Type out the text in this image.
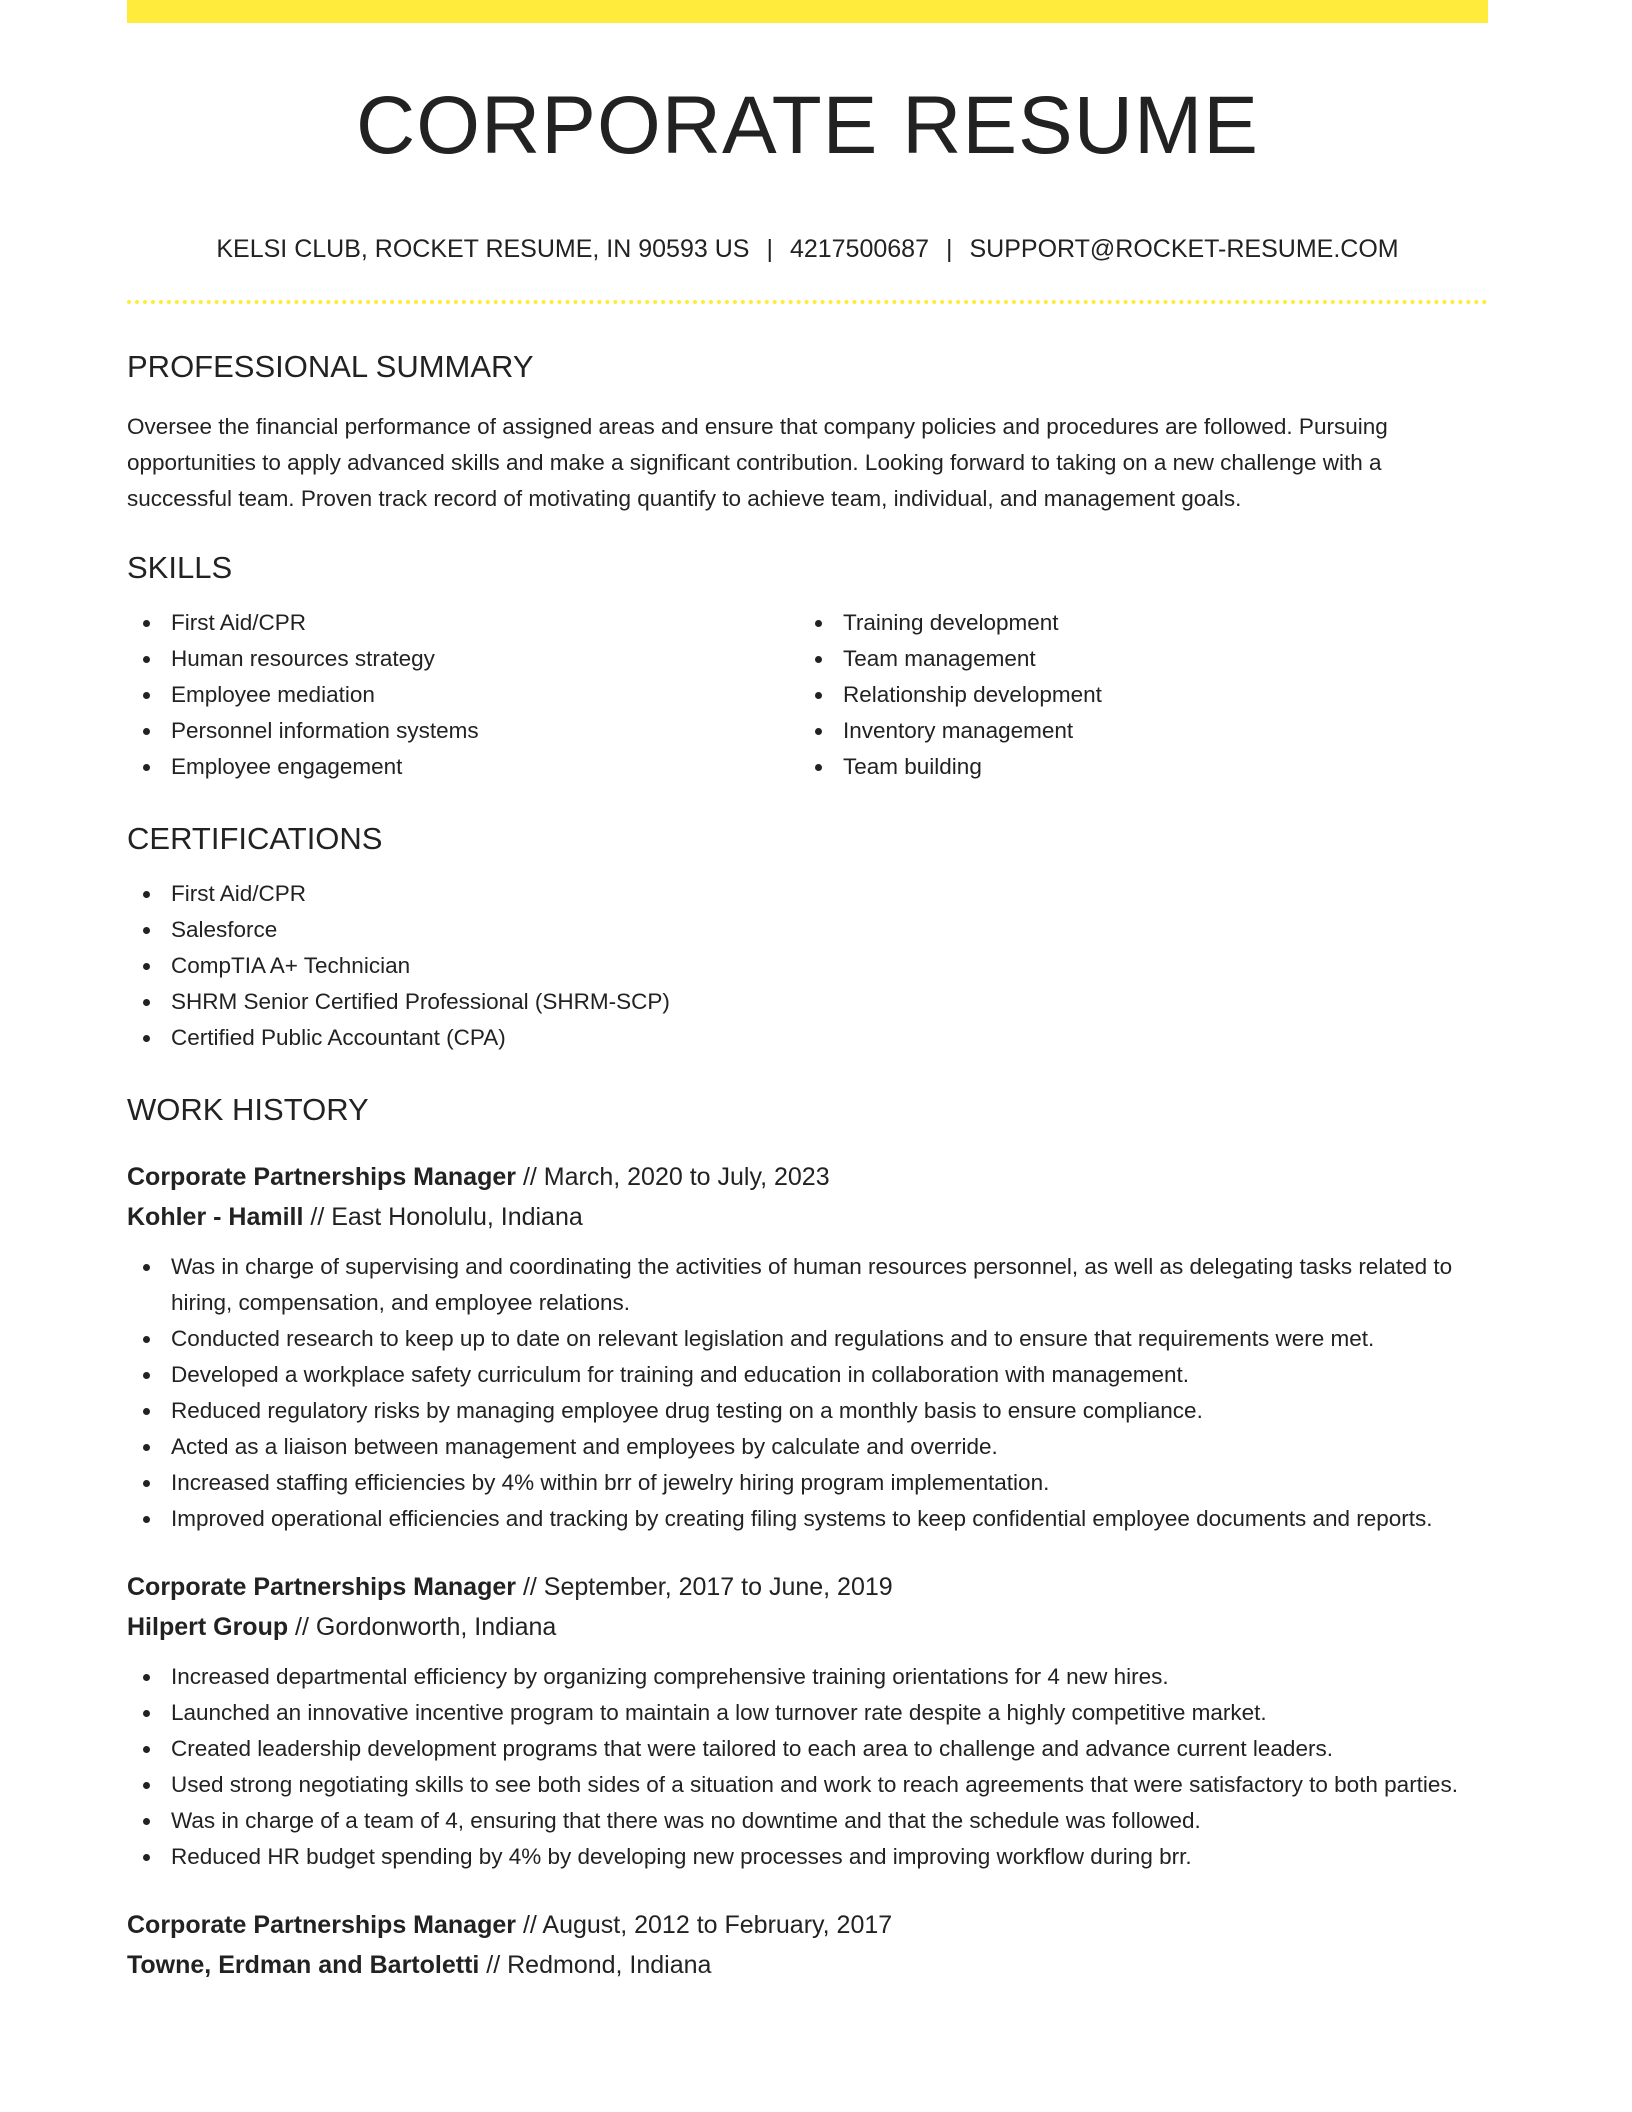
CORPORATE RESUME
KELSI CLUB, ROCKET RESUME, IN 90593 US | 4217500687 | SUPPORT@ROCKET-RESUME.COM
PROFESSIONAL SUMMARY

Oversee the financial performance of assigned areas and ensure that company policies and procedures are followed. Pursuing opportunities to apply advanced skills and make a significant contribution. Looking forward to taking on a new challenge with a successful team. Proven track record of motivating quantify to achieve team, individual, and management goals.

SKILLS
First Aid/CPR
Human resources strategy
Employee mediation
Personnel information systems
Employee engagement
Training development
Team management
Relationship development
Inventory management
Team building
CERTIFICATIONS
First Aid/CPR
Salesforce
CompTIA A+ Technician
SHRM Senior Certified Professional (SHRM-SCP)
Certified Public Accountant (CPA)
WORK HISTORY
Corporate Partnerships Manager // March, 2020 to July, 2023
Kohler - Hamill // East Honolulu, Indiana
Was in charge of supervising and coordinating the activities of human resources personnel, as well as delegating tasks related to hiring, compensation, and employee relations.
Conducted research to keep up to date on relevant legislation and regulations and to ensure that requirements were met.
Developed a workplace safety curriculum for training and education in collaboration with management.
Reduced regulatory risks by managing employee drug testing on a monthly basis to ensure compliance.
Acted as a liaison between management and employees by calculate and override.
Increased staffing efficiencies by 4% within brr of jewelry hiring program implementation.
Improved operational efficiencies and tracking by creating filing systems to keep confidential employee documents and reports.
Corporate Partnerships Manager // September, 2017 to June, 2019
Hilpert Group // Gordonworth, Indiana
Increased departmental efficiency by organizing comprehensive training orientations for 4 new hires.
Launched an innovative incentive program to maintain a low turnover rate despite a highly competitive market.
Created leadership development programs that were tailored to each area to challenge and advance current leaders.
Used strong negotiating skills to see both sides of a situation and work to reach agreements that were satisfactory to both parties.
Was in charge of a team of 4, ensuring that there was no downtime and that the schedule was followed.
Reduced HR budget spending by 4% by developing new processes and improving workflow during brr.
Corporate Partnerships Manager // August, 2012 to February, 2017
Towne, Erdman and Bartoletti // Redmond, Indiana
